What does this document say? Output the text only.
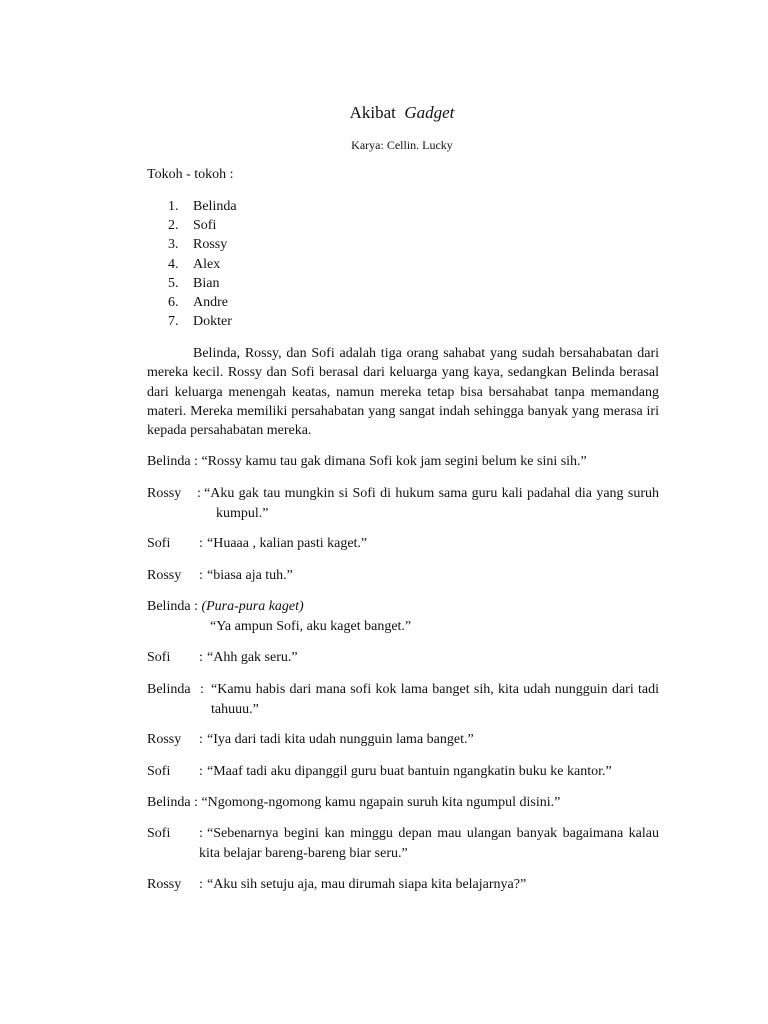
Akibat Gadget
Karya: Cellin. Lucky
Tokoh - tokoh :
1. Belinda
2. Sofi
3. Rossy
4. Alex
5. Bian
6. Andre
7. Dokter

Belinda, Rossy, dan Sofi adalah tiga orang sahabat yang sudah bersahabatan dari mereka kecil. Rossy dan Sofi berasal dari keluarga yang kaya, sedangkan Belinda berasal dari keluarga menengah keatas, namun mereka tetap bisa bersahabat tanpa memandang materi. Mereka memiliki persahabatan yang sangat indah sehingga banyak yang merasa iri kepada persahabatan mereka.

Belinda : “Rossy kamu tau gak dimana Sofi kok jam segini belum ke sini sih.”
Rossy : “Aku gak tau mungkin si Sofi di hukum sama guru kali padahal dia yang suruh kumpul.”
Sofi : “Huaaa , kalian pasti kaget.”
Rossy : “biasa aja tuh.”
Belinda : (Pura-pura kaget)
“Ya ampun Sofi, aku kaget banget.”
Sofi : “Ahh gak seru.”
Belinda : “Kamu habis dari mana sofi kok lama banget sih, kita udah nungguin dari tadi tahuuu.”
Rossy : “Iya dari tadi kita udah nungguin lama banget.”
Sofi : “Maaf tadi aku dipanggil guru buat bantuin ngangkatin buku ke kantor.”
Belinda : “Ngomong-ngomong kamu ngapain suruh kita ngumpul disini.”
Sofi : “Sebenarnya begini kan minggu depan mau ulangan banyak bagaimana kalau kita belajar bareng-bareng biar seru.”
Rossy : “Aku sih setuju aja, mau dirumah siapa kita belajarnya?”
